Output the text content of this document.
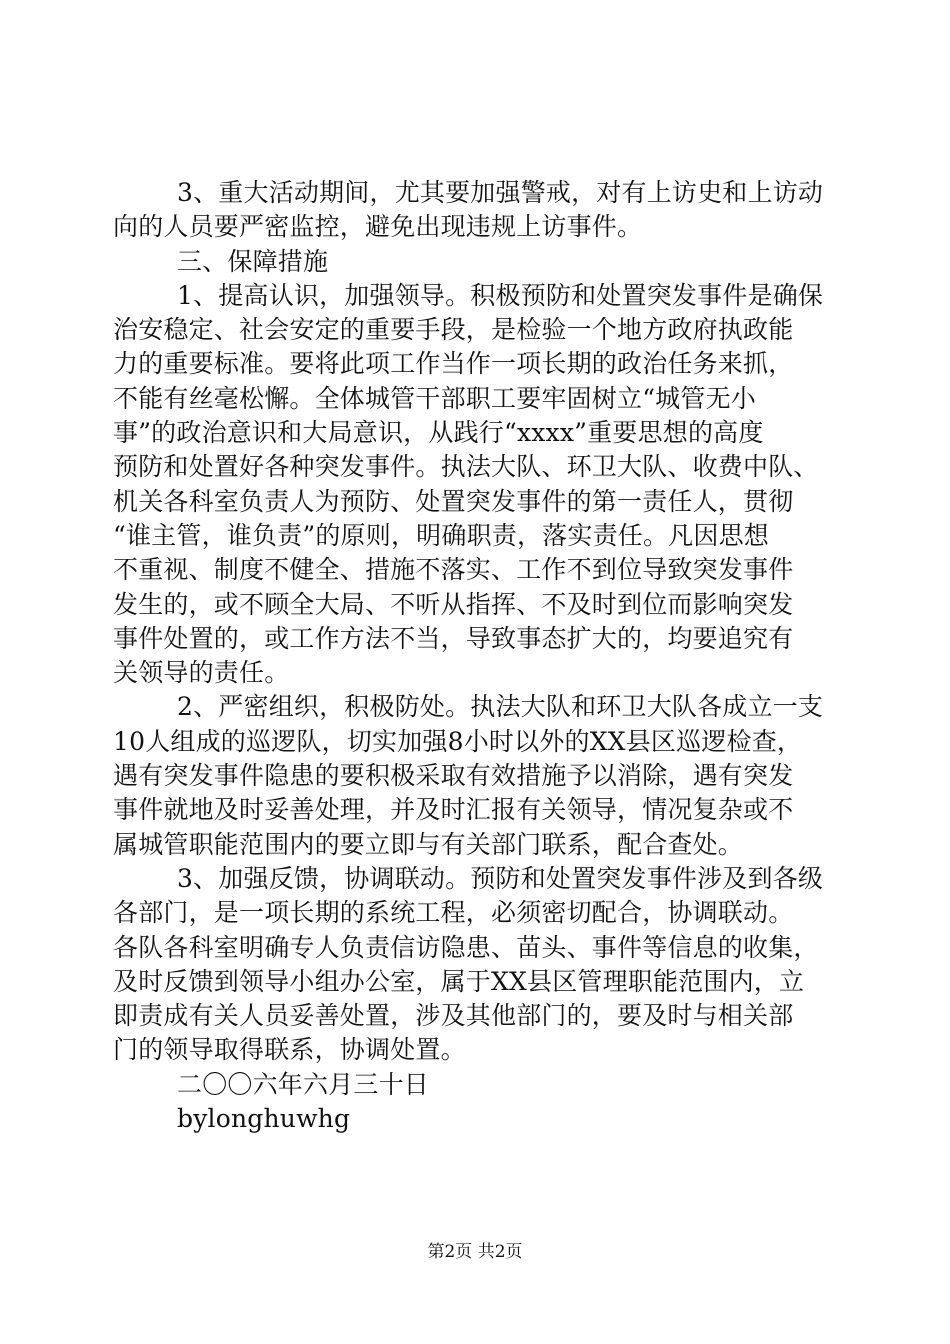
3、重大活动期间，尤其要加强警戒，对有上访史和上访动
向的人员要严密监控，避免出现违规上访事件。
三、保障措施
1、提高认识，加强领导。积极预防和处置突发事件是确保
治安稳定、社会安定的重要手段，是检验一个地方政府执政能
力的重要标准。要将此项工作当作一项长期的政治任务来抓，
不能有丝毫松懈。全体城管干部职工要牢固树立“城管无小
事”的政治意识和大局意识，从践行“xxxx”重要思想的高度
预防和处置好各种突发事件。执法大队、环卫大队、收费中队、
机关各科室负责人为预防、处置突发事件的第一责任人，贯彻
“谁主管，谁负责”的原则，明确职责，落实责任。凡因思想
不重视、制度不健全、措施不落实、工作不到位导致突发事件
发生的，或不顾全大局、不听从指挥、不及时到位而影响突发
事件处置的，或工作方法不当，导致事态扩大的，均要追究有
关领导的责任。
2、严密组织，积极防处。执法大队和环卫大队各成立一支
10人组成的巡逻队，切实加强8小时以外的XX县区巡逻检查，
遇有突发事件隐患的要积极采取有效措施予以消除，遇有突发
事件就地及时妥善处理，并及时汇报有关领导，情况复杂或不
属城管职能范围内的要立即与有关部门联系，配合查处。
3、加强反馈，协调联动。预防和处置突发事件涉及到各级
各部门，是一项长期的系统工程，必须密切配合，协调联动。
各队各科室明确专人负责信访隐患、苗头、事件等信息的收集，
及时反馈到领导小组办公室，属于XX县区管理职能范围内，立
即责成有关人员妥善处置，涉及其他部门的，要及时与相关部
门的领导取得联系，协调处置。
二〇〇六年六月三十日
bylonghuwhg
第2页 共2页
